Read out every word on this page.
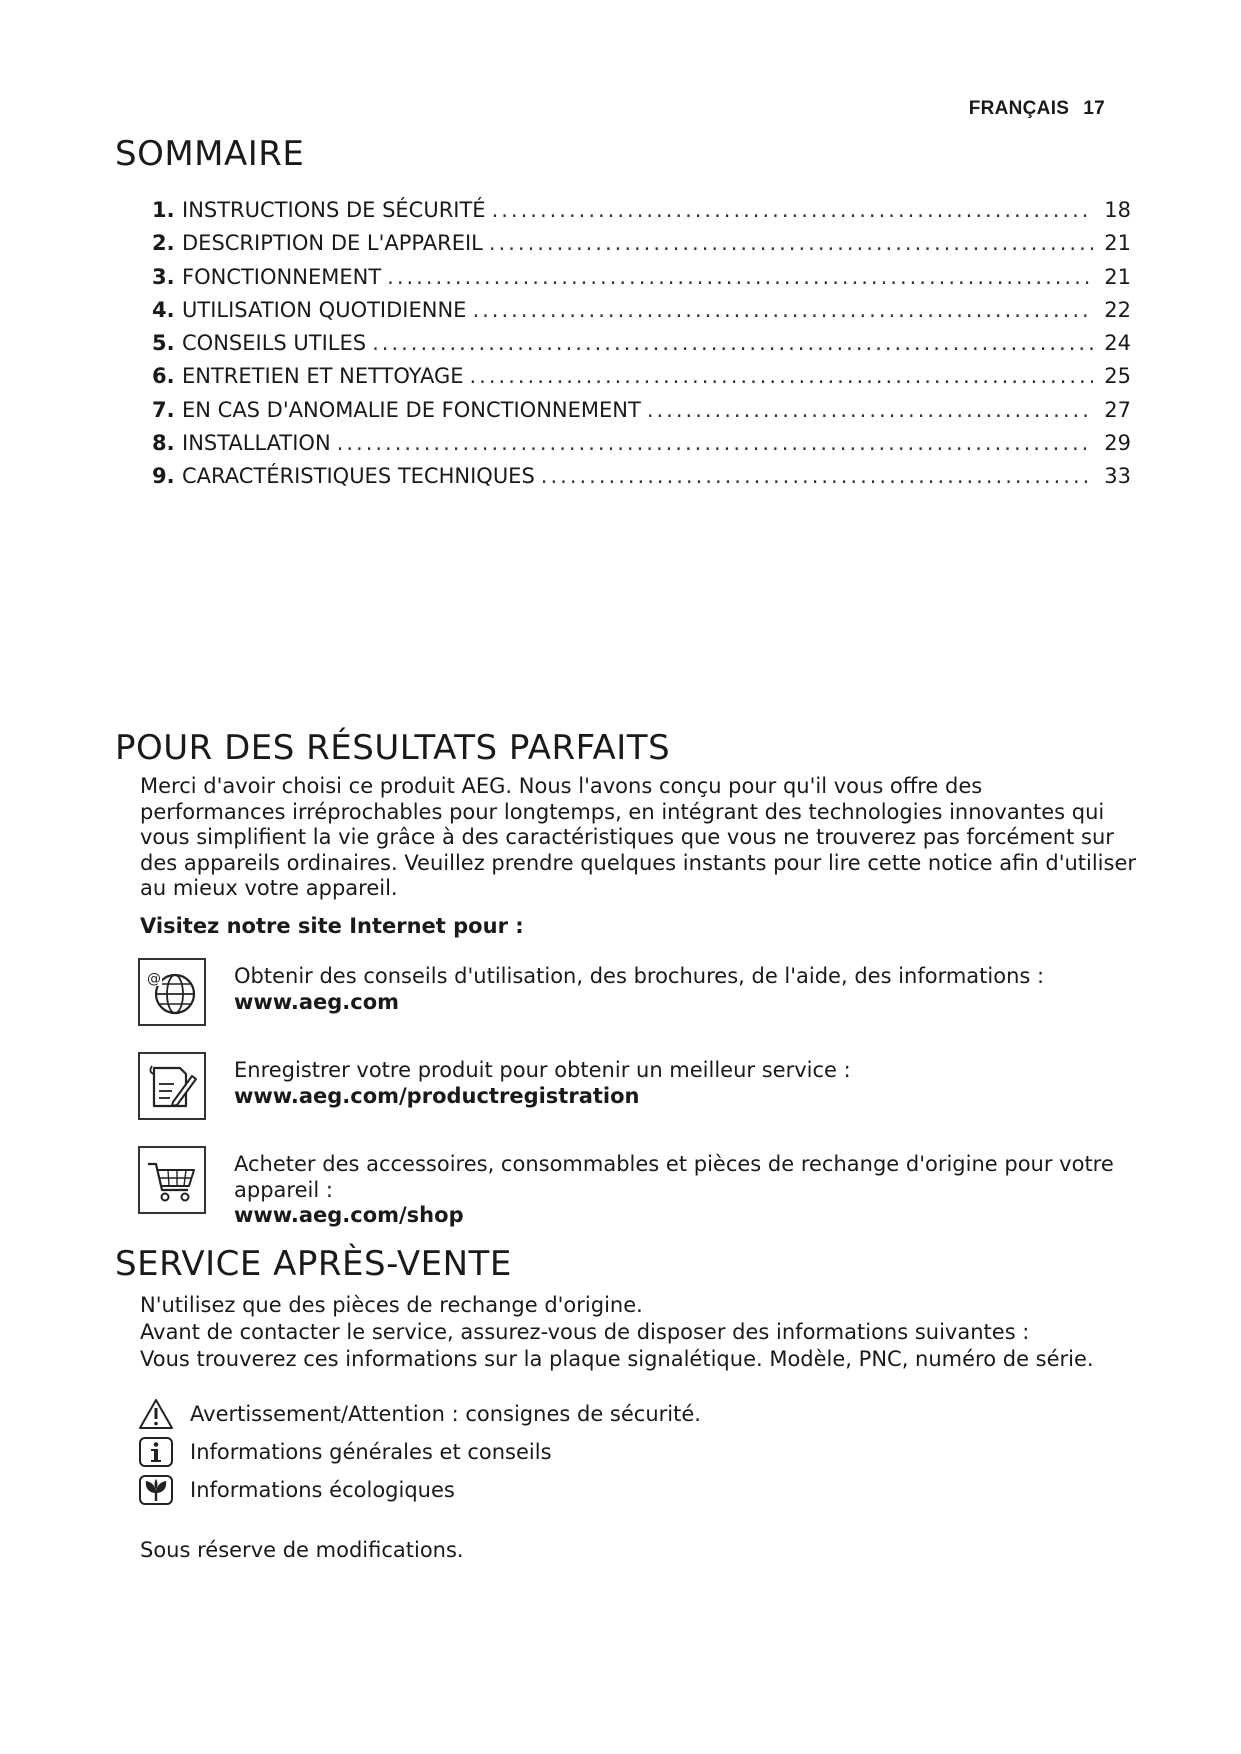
FRANÇAIS 17
SOMMAIRE
1. INSTRUCTIONS DE SÉCURITÉ .....	18
2. DESCRIPTION DE L'APPAREIL .....	21
3. FONCTIONNEMENT .....	21
4. UTILISATION QUOTIDIENNE .....	22
5. CONSEILS UTILES .....	24
6. ENTRETIEN ET NETTOYAGE .....	25
7. EN CAS D'ANOMALIE DE FONCTIONNEMENT .....	27
8. INSTALLATION .....	29
9. CARACTÉRISTIQUES TECHNIQUES .....	33
POUR DES RÉSULTATS PARFAITS
Merci d'avoir choisi ce produit AEG. Nous l'avons conçu pour qu'il vous offre des
performances irréprochables pour longtemps, en intégrant des technologies innovantes qui
vous simplifient la vie grâce à des caractéristiques que vous ne trouverez pas forcément sur
des appareils ordinaires. Veuillez prendre quelques instants pour lire cette notice afin d'utiliser
au mieux votre appareil.
Visitez notre site Internet pour :
@	Obtenir des conseils d'utilisation, des brochures, de l'aide, des informations :
www.aeg.com
Enregistrer votre produit pour obtenir un meilleur service :
www.aeg.com/productregistration
Acheter des accessoires, consommables et pièces de rechange d'origine pour votre
appareil :
www.aeg.com/shop
SERVICE APRÈS-VENTE
N'utilisez que des pièces de rechange d'origine.
Avant de contacter le service, assurez-vous de disposer des informations suivantes :
Vous trouverez ces informations sur la plaque signalétique. Modèle, PNC, numéro de série.
Avertissement/Attention : consignes de sécurité.
Informations générales et conseils
Informations écologiques
Sous réserve de modifications.
